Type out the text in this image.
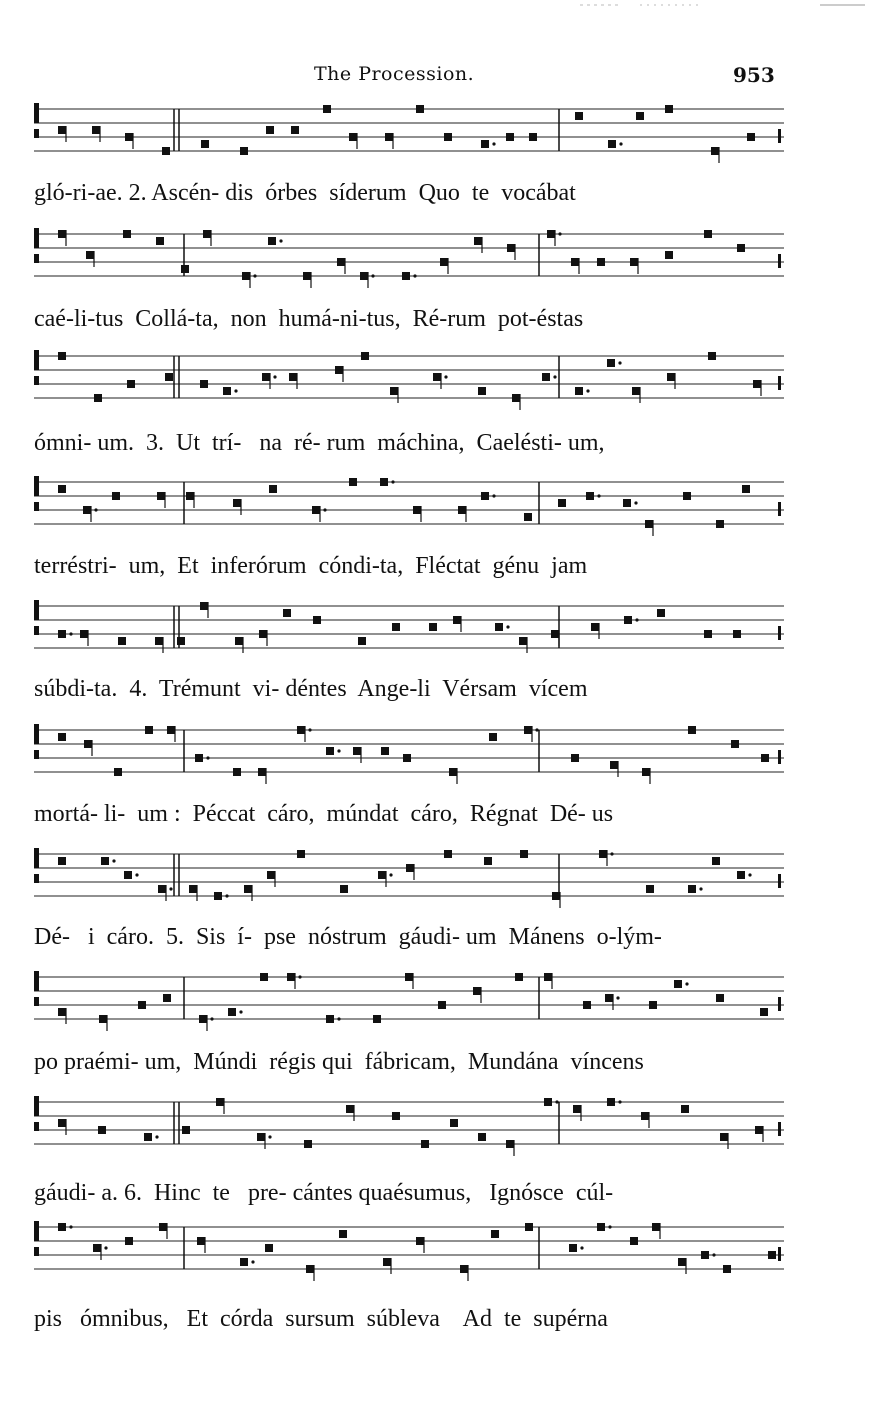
The Procession.	953
gló-ri-ae. 2. Ascén- dis  órbes  síderum  Quo  te  vocábat
caé-li-tus  Collá-ta,  non  humá-ni-tus,  Ré-rum  pot-éstas
ómni- um.  3.  Ut  trí-   na  ré- rum  máchina,  Caelésti- um,
terréstri-  um,  Et  inferórum  cóndi-ta,  Fléctat  génu  jam
súbdi-ta.  4.  Trémunt  vi- déntes  Ange-li  Vérsam  vícem
mortá- li-  um :  Péccat  cáro,  múndat  cáro,  Régnat  Dé- us
Dé-   i  cáro.  5.  Sis  í-  pse  nóstrum  gáudi- um  Mánens  o-lým-
po praémi- um,  Múndi  régis qui  fábricam,  Mundána  víncens
gáudi- a. 6.  Hinc  te   pre- cántes quaésumus,   Ignósce  cúl-
pis   ómnibus,   Et  córda  sursum  súbleva    Ad  te  supérna
